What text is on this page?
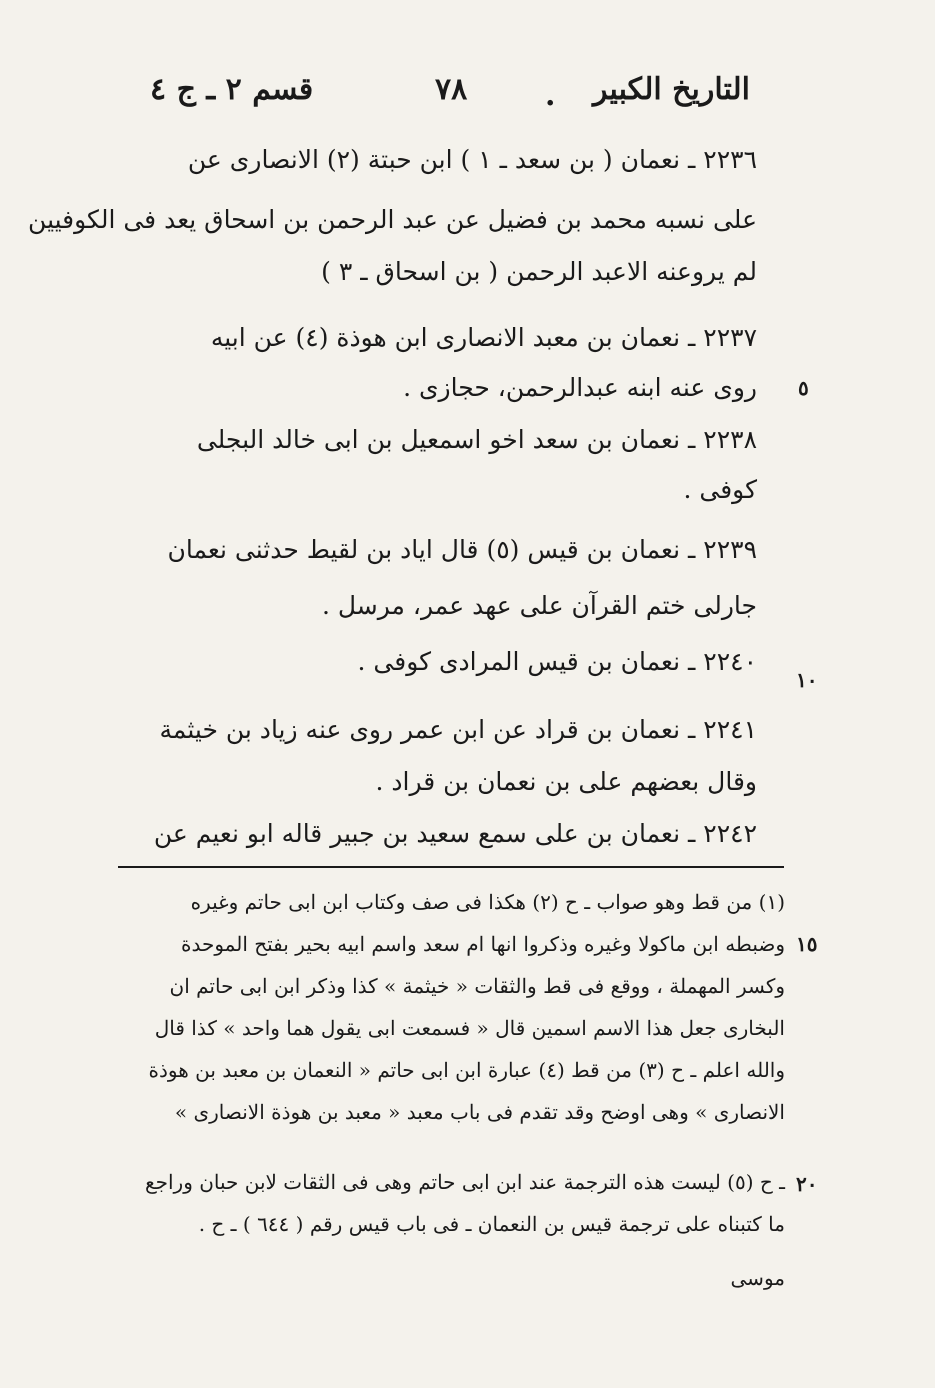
التاريخ الكبير
.
٧٨
قسم ٢ ـ ج ٤
٢٢٣٦ ـ نعمان ( بن سعد ـ ١ ) ابن حبتة (٢) الانصارى عن
على نسبه محمد بن فضيل عن عبد الرحمن بن اسحاق يعد فى الكوفيين
لم يروعنه الاعبد الرحمن ( بن اسحاق ـ ٣ )
٢٢٣٧ ـ نعمان بن معبد الانصارى ابن هوذة (٤) عن ابيه
روى عنه ابنه عبدالرحمن، حجازى .
٢٢٣٨ ـ نعمان بن سعد اخو اسمعيل بن ابى خالد البجلى
كوفى .
٢٢٣٩ ـ نعمان بن قيس (٥) قال اياد بن لقيط حدثنى نعمان
جارلى ختم القرآن على عهد عمر، مرسل .
٢٢٤٠ ـ نعمان بن قيس المرادى كوفى .
٢٢٤١ ـ نعمان بن قراد عن ابن عمر روى عنه زياد بن خيثمة
وقال بعضهم على بن نعمان بن قراد .
٢٢٤٢ ـ نعمان بن على سمع سعيد بن جبير قاله ابو نعيم عن
٥
١٠
١٥
٢٠
(١) من قط وهو صواب ـ ح (٢) هكذا فى صف وكتاب ابن ابى حاتم وغيره
وضبطه ابن ماكولا وغيره وذكروا انها ام سعد واسم ابيه بحير بفتح الموحدة
وكسر المهملة ، ووقع فى قط والثقات « خيثمة » كذا وذكر ابن ابى حاتم ان
البخارى جعل هذا الاسم اسمين قال « فسمعت ابى يقول هما واحد » كذا قال
والله اعلم ـ ح (٣) من قط (٤) عبارة ابن ابى حاتم « النعمان بن معبد بن هوذة
الانصارى » وهى اوضح وقد تقدم فى باب معبد « معبد بن هوذة الانصارى »
ـ ح (٥) ليست هذه الترجمة عند ابن ابى حاتم وهى فى الثقات لابن حبان وراجع
ما كتبناه على ترجمة قيس بن النعمان ـ فى باب قيس رقم ( ٦٤٤ ) ـ ح .
موسى
